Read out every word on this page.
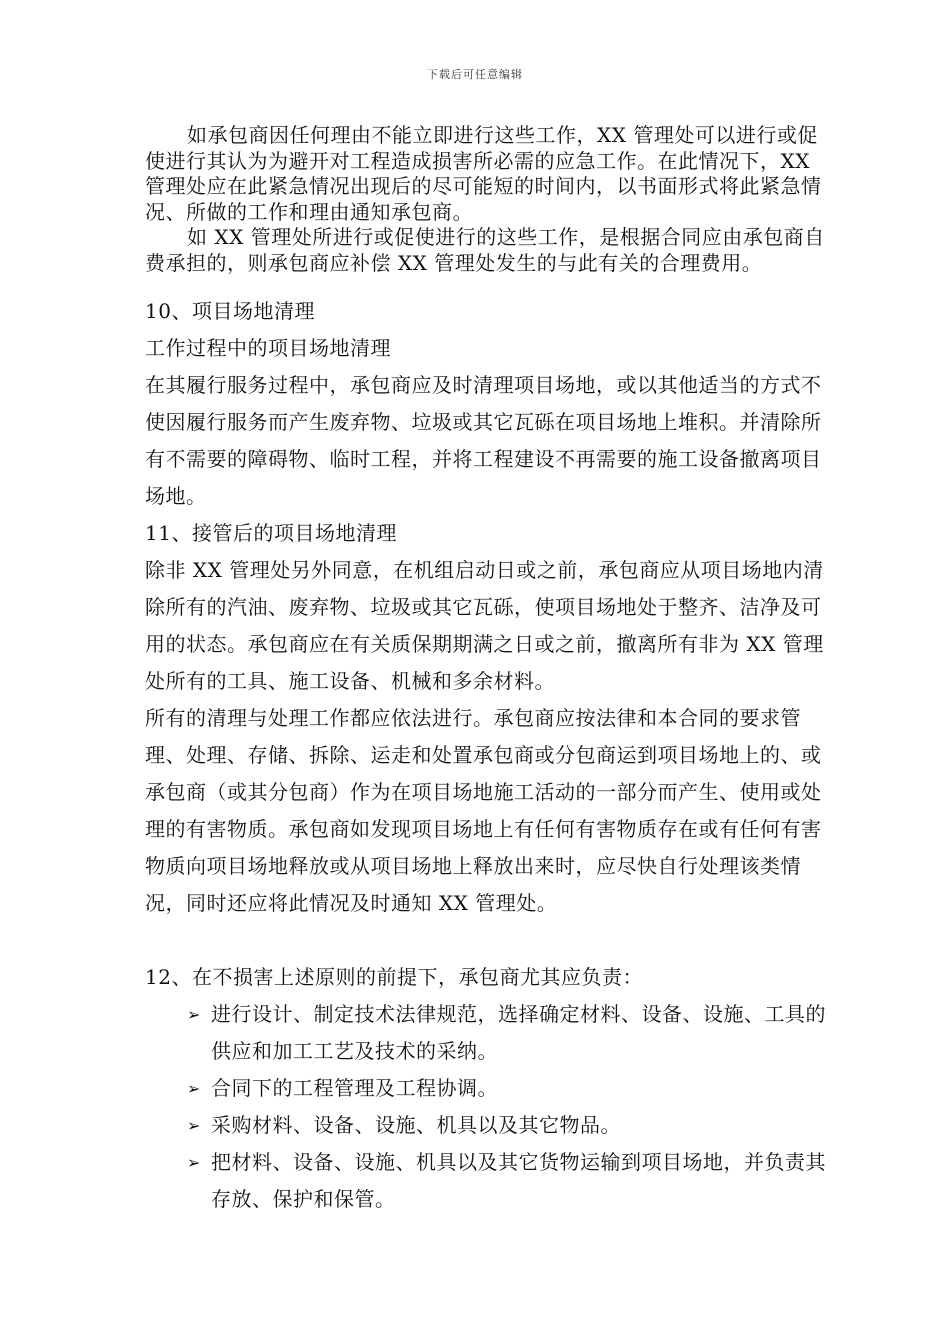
下载后可任意编辑
如承包商因任何理由不能立即进行这些工作，XX 管理处可以进行或促使进行其认为为避开对工程造成损害所必需的应急工作。在此情况下，XX 管理处应在此紧急情况出现后的尽可能短的时间内，以书面形式将此紧急情况、所做的工作和理由通知承包商。
如 XX 管理处所进行或促使进行的这些工作，是根据合同应由承包商自费承担的，则承包商应补偿 XX 管理处发生的与此有关的合理费用。
10、项目场地清理
工作过程中的项目场地清理
在其履行服务过程中，承包商应及时清理项目场地，或以其他适当的方式不使因履行服务而产生废弃物、垃圾或其它瓦砾在项目场地上堆积。并清除所有不需要的障碍物、临时工程，并将工程建设不再需要的施工设备撤离项目场地。
11、接管后的项目场地清理
除非 XX 管理处另外同意，在机组启动日或之前，承包商应从项目场地内清除所有的汽油、废弃物、垃圾或其它瓦砾，使项目场地处于整齐、洁净及可用的状态。承包商应在有关质保期期满之日或之前，撤离所有非为 XX 管理处所有的工具、施工设备、机械和多余材料。
所有的清理与处理工作都应依法进行。承包商应按法律和本合同的要求管理、处理、存储、拆除、运走和处置承包商或分包商运到项目场地上的、或承包商（或其分包商）作为在项目场地施工活动的一部分而产生、使用或处理的有害物质。承包商如发现项目场地上有任何有害物质存在或有任何有害物质向项目场地释放或从项目场地上释放出来时，应尽快自行处理该类情况，同时还应将此情况及时通知 XX 管理处。
12、在不损害上述原则的前提下，承包商尤其应负责：
➢ 进行设计、制定技术法律规范，选择确定材料、设备、设施、工具的供应和加工工艺及技术的采纳。
➢ 合同下的工程管理及工程协调。
➢ 采购材料、设备、设施、机具以及其它物品。
➢ 把材料、设备、设施、机具以及其它货物运输到项目场地，并负责其存放、保护和保管。
